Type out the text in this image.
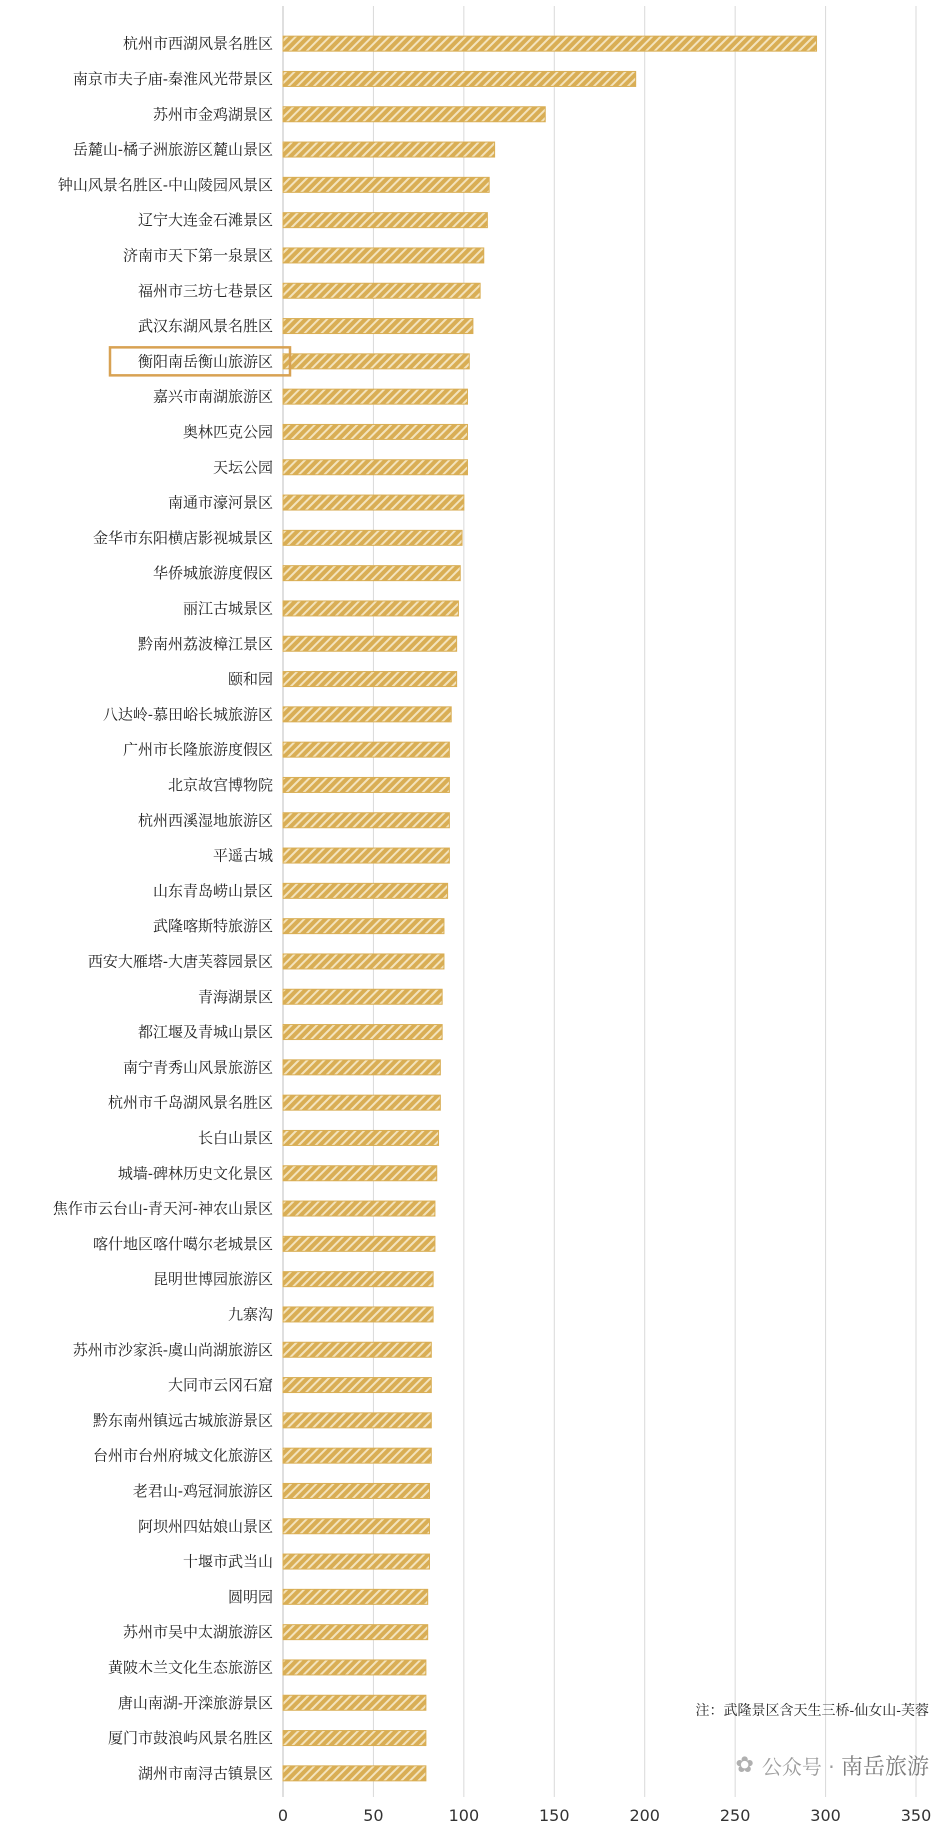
杭州市西湖风景名胜区
南京市夫子庙-秦淮风光带景区
苏州市金鸡湖景区
岳麓山-橘子洲旅游区麓山景区
钟山风景名胜区-中山陵园风景区
辽宁大连金石滩景区
济南市天下第一泉景区
福州市三坊七巷景区
武汉东湖风景名胜区
衡阳南岳衡山旅游区
嘉兴市南湖旅游区
奥林匹克公园
天坛公园
南通市濠河景区
金华市东阳横店影视城景区
华侨城旅游度假区
丽江古城景区
黔南州荔波樟江景区
颐和园
八达岭-慕田峪长城旅游区
广州市长隆旅游度假区
北京故宫博物院
杭州西溪湿地旅游区
平遥古城
山东青岛崂山景区
武隆喀斯特旅游区
西安大雁塔-大唐芙蓉园景区
青海湖景区
都江堰及青城山景区
南宁青秀山风景旅游区
杭州市千岛湖风景名胜区
长白山景区
城墙-碑林历史文化景区
焦作市云台山-青天河-神农山景区
喀什地区喀什噶尔老城景区
昆明世博园旅游区
九寨沟
苏州市沙家浜-虞山尚湖旅游区
大同市云冈石窟
黔东南州镇远古城旅游景区
台州市台州府城文化旅游区
老君山-鸡冠洞旅游区
阿坝州四姑娘山景区
十堰市武当山
圆明园
苏州市吴中太湖旅游区
黄陂木兰文化生态旅游区
唐山南湖-开滦旅游景区
厦门市鼓浪屿风景名胜区
湖州市南浔古镇景区
0	50	100	150	200	250	300	350
注：武隆景区含天生三桥-仙女山-芙蓉
✿ 公众号 · 南岳旅游
